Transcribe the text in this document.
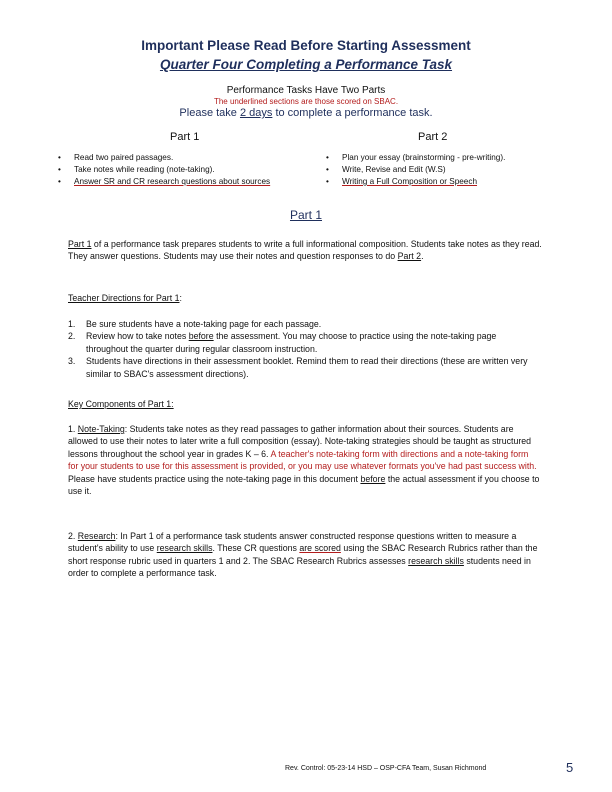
Important Please Read Before Starting Assessment
Quarter Four Completing a Performance Task
Performance Tasks Have Two Parts
The underlined sections are those scored on SBAC.
Please take 2 days to complete a performance task.
Part 1	Part 2
• Read two paired passages.
• Take notes while reading (note-taking).
• Answer SR and CR research questions about sources
• Plan your essay (brainstorming - pre-writing).
• Write, Revise and Edit (W.S)
• Writing a Full Composition or Speech
Part 1
Part 1 of a performance task prepares students to write a full informational composition. Students take notes as they read. They answer questions. Students may use their notes and question responses to do Part 2.
Teacher Directions for Part 1:
1. Be sure students have a note-taking page for each passage.
2. Review how to take notes before the assessment. You may choose to practice using the note-taking page throughout the quarter during regular classroom instruction.
3. Students have directions in their assessment booklet. Remind them to read their directions (these are written very similar to SBAC's assessment directions).
Key Components of Part 1:
1. Note-Taking: Students take notes as they read passages to gather information about their sources. Students are allowed to use their notes to later write a full composition (essay). Note-taking strategies should be taught as structured lessons throughout the school year in grades K – 6. A teacher's note-taking form with directions and a note-taking form for your students to use for this assessment is provided, or you may use whatever formats you've had past success with. Please have students practice using the note-taking page in this document before the actual assessment if you choose to use it.
2. Research: In Part 1 of a performance task students answer constructed response questions written to measure a student's ability to use research skills. These CR questions are scored using the SBAC Research Rubrics rather than the short response rubric used in quarters 1 and 2. The SBAC Research Rubrics assesses research skills students need in order to complete a performance task.
Rev. Control: 05-23-14 HSD – OSP-CFA Team, Susan Richmond	5
